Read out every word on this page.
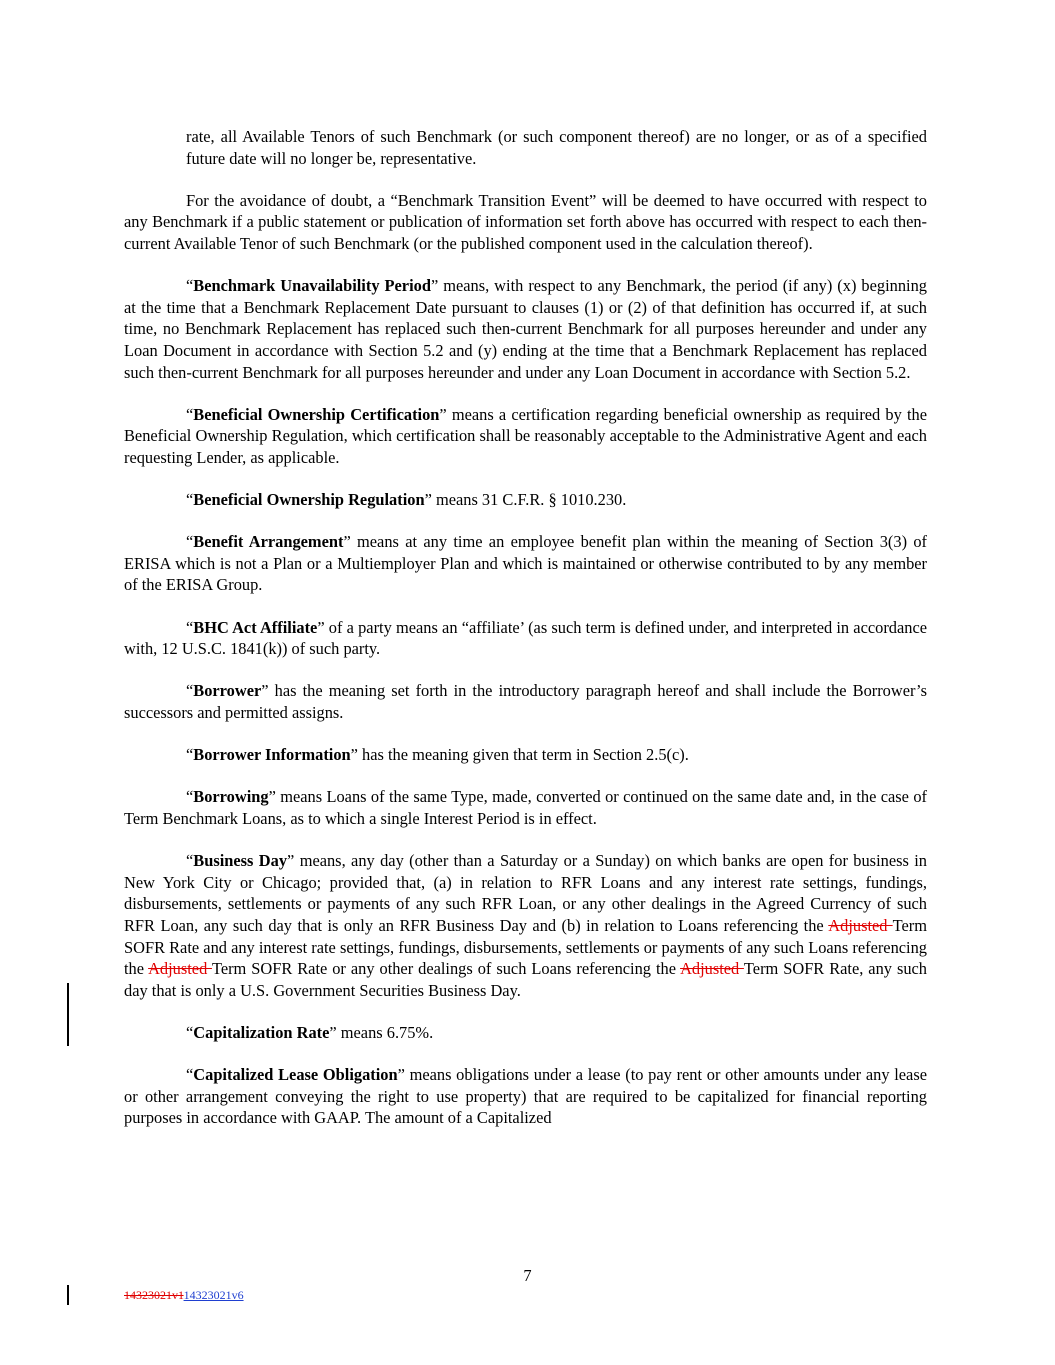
rate, all Available Tenors of such Benchmark (or such component thereof) are no longer, or as of a specified future date will no longer be, representative.

For the avoidance of doubt, a “Benchmark Transition Event” will be deemed to have occurred with respect to any Benchmark if a public statement or publication of information set forth above has occurred with respect to each then-current Available Tenor of such Benchmark (or the published component used in the calculation thereof).

“Benchmark Unavailability Period” means, with respect to any Benchmark, the period (if any) (x) beginning at the time that a Benchmark Replacement Date pursuant to clauses (1) or (2) of that definition has occurred if, at such time, no Benchmark Replacement has replaced such then-current Benchmark for all purposes hereunder and under any Loan Document in accordance with Section 5.2 and (y) ending at the time that a Benchmark Replacement has replaced such then-current Benchmark for all purposes hereunder and under any Loan Document in accordance with Section 5.2.

“Beneficial Ownership Certification” means a certification regarding beneficial ownership as required by the Beneficial Ownership Regulation, which certification shall be reasonably acceptable to the Administrative Agent and each requesting Lender, as applicable.

“Beneficial Ownership Regulation” means 31 C.F.R. § 1010.230.

“Benefit Arrangement” means at any time an employee benefit plan within the meaning of Section 3(3) of ERISA which is not a Plan or a Multiemployer Plan and which is maintained or otherwise contributed to by any member of the ERISA Group.

“BHC Act Affiliate” of a party means an “affiliate’ (as such term is defined under, and interpreted in accordance with, 12 U.S.C. 1841(k)) of such party.

“Borrower” has the meaning set forth in the introductory paragraph hereof and shall include the Borrower’s successors and permitted assigns.

“Borrower Information” has the meaning given that term in Section 2.5(c).

“Borrowing” means Loans of the same Type, made, converted or continued on the same date and, in the case of Term Benchmark Loans, as to which a single Interest Period is in effect.

“Business Day” means, any day (other than a Saturday or a Sunday) on which banks are open for business in New York City or Chicago; provided that, (a) in relation to RFR Loans and any interest rate settings, fundings, disbursements, settlements or payments of any such RFR Loan, or any other dealings in the Agreed Currency of such RFR Loan, any such day that is only an RFR Business Day and (b) in relation to Loans referencing the Adjusted Term SOFR Rate and any interest rate settings, fundings, disbursements, settlements or payments of any such Loans referencing the Adjusted Term SOFR Rate or any other dealings of such Loans referencing the Adjusted Term SOFR Rate, any such day that is only a U.S. Government Securities Business Day.

“Capitalization Rate” means 6.75%.

“Capitalized Lease Obligation” means obligations under a lease (to pay rent or other amounts under any lease or other arrangement conveying the right to use property) that are required to be capitalized for financial reporting purposes in accordance with GAAP. The amount of a Capitalized

7
14323021v114323021v6
